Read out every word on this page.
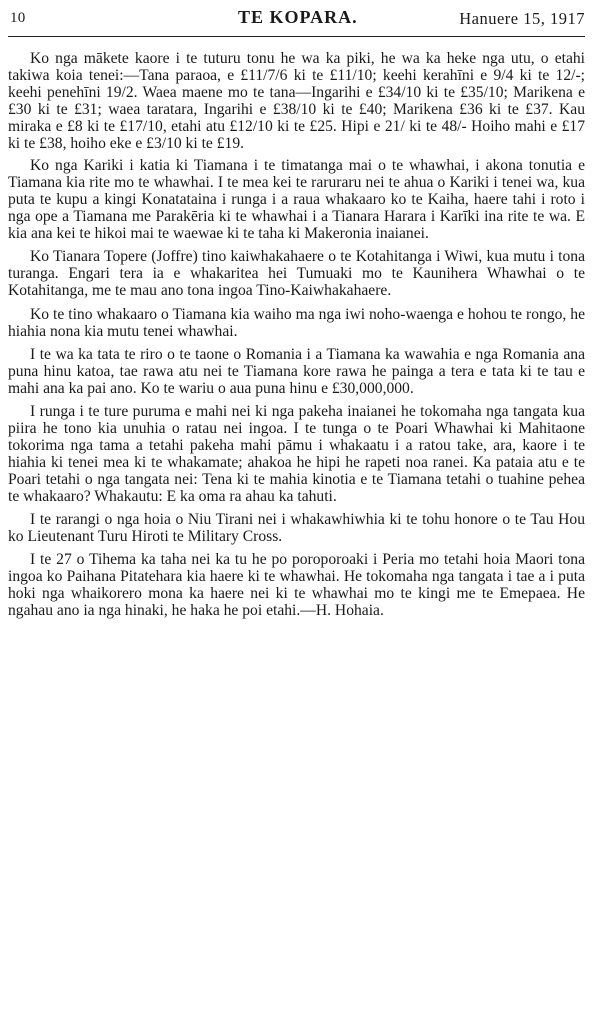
10	TE KOPARA.	Hanuere 15, 1917

Ko nga mākete kaore i te tuturu tonu he wa ka piki, he wa ka heke nga utu, o etahi takiwa koia tenei:—Tana paraoa, e £11/7/6 ki te £11/10; keehi kerahīni e 9/4 ki te 12/-; keehi penehīni 19/2. Waea maene mo te tana—Ingarihi e £34/10 ki te £35/10; Marikena e £30 ki te £31; waea taratara, Ingarihi e £38/10 ki te £40; Marikena £36 ki te £37. Kau miraka e £8 ki te £17/10, etahi atu £12/10 ki te £25. Hipi e 21/ ki te 48/- Hoiho mahi e £17 ki te £38, hoiho eke e £3/10 ki te £19.

Ko nga Kariki i katia ki Tiamana i te timatanga mai o te whawhai, i akona tonutia e Tiamana kia rite mo te whawhai. I te mea kei te raruraru nei te ahua o Kariki i tenei wa, kua puta te kupu a kingi Konatataina i runga i a raua whakaaro ko te Kaiha, haere tahi i roto i nga ope a Tiamana me Parakēria ki te whawhai i a Tianara Harara i Karīki ina rite te wa. E kia ana kei te hikoi mai te waewae ki te taha ki Makeronia inaianei.

Ko Tianara Topere (Joffre) tino kaiwhakahaere o te Kotahitanga i Wiwi, kua mutu i tona turanga. Engari tera ia e whakaritea hei Tumuaki mo te Kaunihera Whawhai o te Kotahitanga, me te mau ano tona ingoa Tino-Kaiwhakahaere.

Ko te tino whakaaro o Tiamana kia waiho ma nga iwi noho-waenga e hohou te rongo, he hiahia nona kia mutu tenei whawhai.

I te wa ka tata te riro o te taone o Romania i a Tiamana ka wawahia e nga Romania ana puna hinu katoa, tae rawa atu nei te Tiamana kore rawa he painga a tera e tata ki te tau e mahi ana ka pai ano. Ko te wariu o aua puna hinu e £30,000,000.

I runga i te ture puruma e mahi nei ki nga pakeha inaianei he tokomaha nga tangata kua piira he tono kia unuhia o ratau nei ingoa. I te tunga o te Poari Whawhai ki Mahitaone tokorima nga tama a tetahi pakeha mahi pāmu i whakaatu i a ratou take, ara, kaore i te hiahia ki tenei mea ki te whakamate; ahakoa he hipi he rapeti noa ranei. Ka pataia atu e te Poari tetahi o nga tangata nei: Tena ki te mahia kinotia e te Tiamana tetahi o tuahine pehea te whakaaro? Whakautu: E ka oma ra ahau ka tahuti.

I te rarangi o nga hoia o Niu Tirani nei i whakawhiwhia ki te tohu honore o te Tau Hou ko Lieutenant Turu Hiroti te Military Cross.

I te 27 o Tihema ka taha nei ka tu he po poroporoaki i Peria mo tetahi hoia Maori tona ingoa ko Paihana Pitatehara kia haere ki te whawhai. He tokomaha nga tangata i tae a i puta hoki nga whaikorero mona ka haere nei ki te whawhai mo te kingi me te Emepaea. He ngahau ano ia nga hinaki, he haka he poi etahi.—H. Hohaia.
